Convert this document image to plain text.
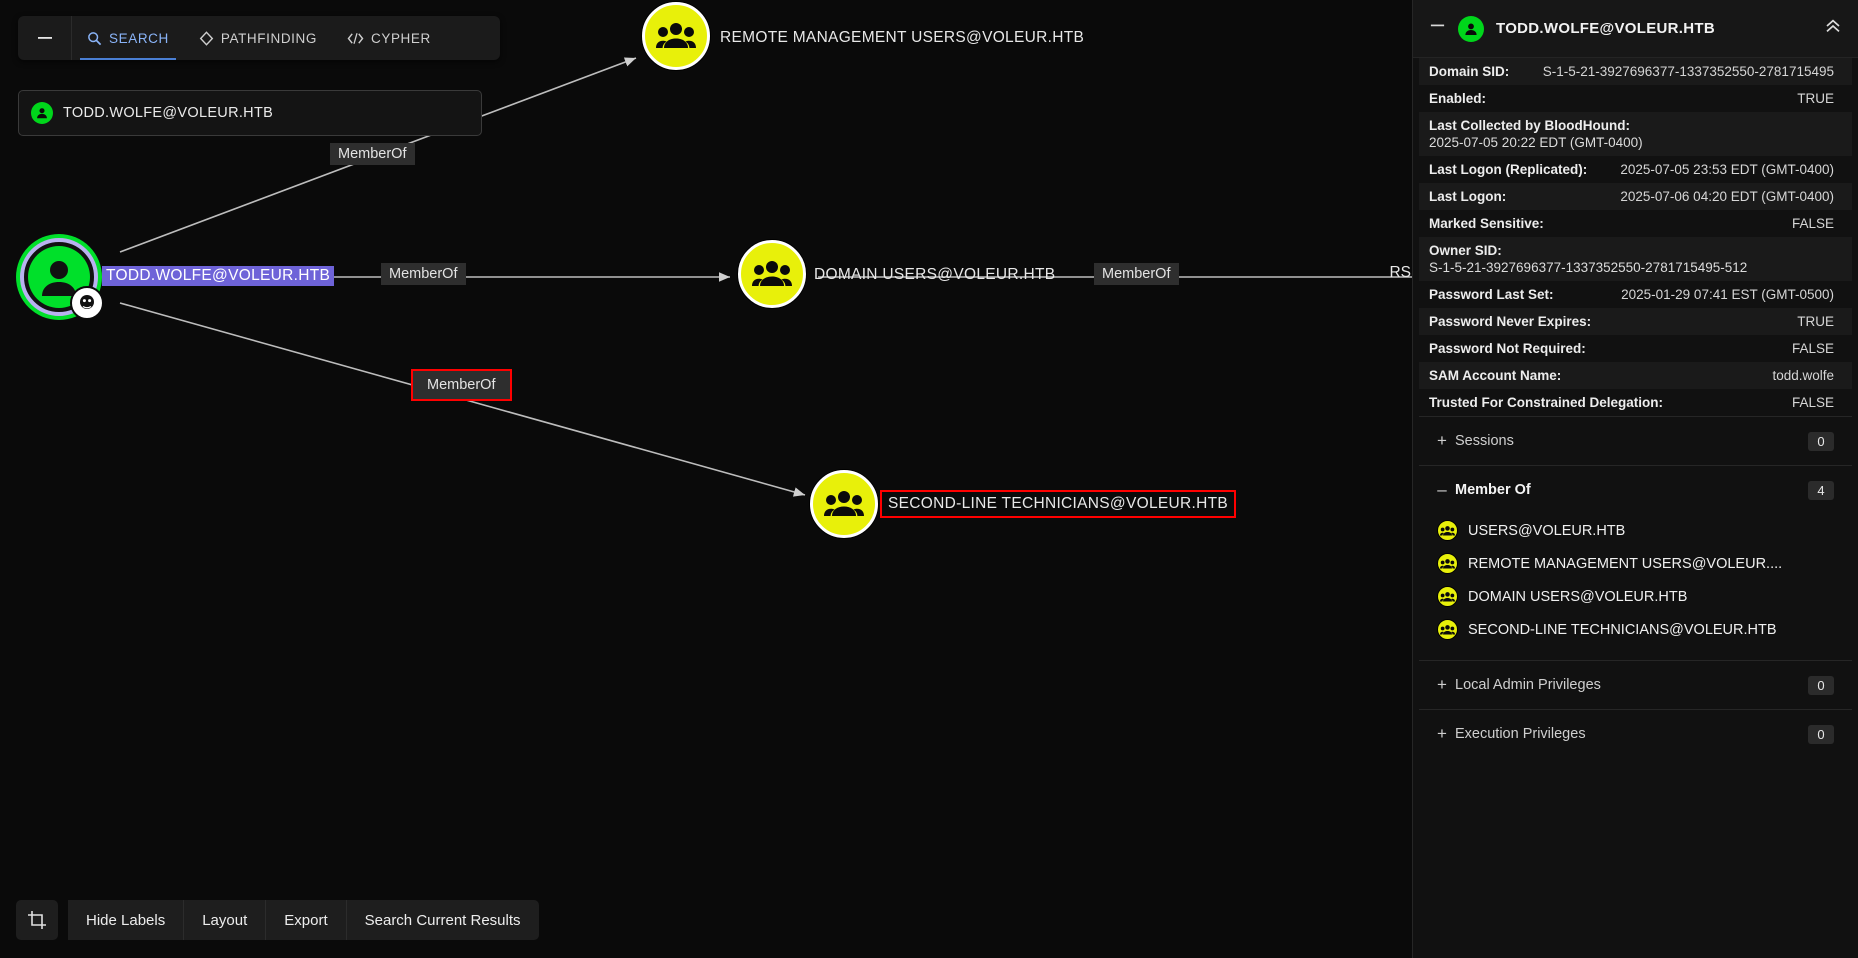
SEARCH	PATHFINDING	CYPHER
TODD.WOLFE@VOLEUR.HTB
REMOTE MANAGEMENT USERS@VOLEUR.HTB
TODD.WOLFE@VOLEUR.HTB	DOMAIN USERS@VOLEUR.HTB
SECOND-LINE TECHNICIANS@VOLEUR.HTB
MemberOf
MemberOf
MemberOf
MemberOf
Hide Labels	Layout	Export	Search Current Results
RS
TODD.WOLFE@VOLEUR.HTB
Domain SID: S-1-5-21-3927696377-1337352550-2781715495
Enabled:	TRUE
Last Collected by BloodHound:
2025-07-05 20:22 EDT (GMT-0400)
Last Logon (Replicated): 2025-07-05 23:53 EDT (GMT-0400)
Last Logon:	2025-07-06 04:20 EDT (GMT-0400)
Marked Sensitive:	FALSE
Owner SID:
S-1-5-21-3927696377-1337352550-2781715495-512
Password Last Set:	2025-01-29 07:41 EST (GMT-0500)
Password Never Expires:	TRUE
Password Not Required:	FALSE
SAM Account Name:	todd.wolfe
Trusted For Constrained Delegation:	FALSE
+ Sessions	0
– Member Of	4
USERS@VOLEUR.HTB
REMOTE MANAGEMENT USERS@VOLEUR....
DOMAIN USERS@VOLEUR.HTB
SECOND-LINE TECHNICIANS@VOLEUR.HTB
+ Local Admin Privileges	0
+ Execution Privileges	0
